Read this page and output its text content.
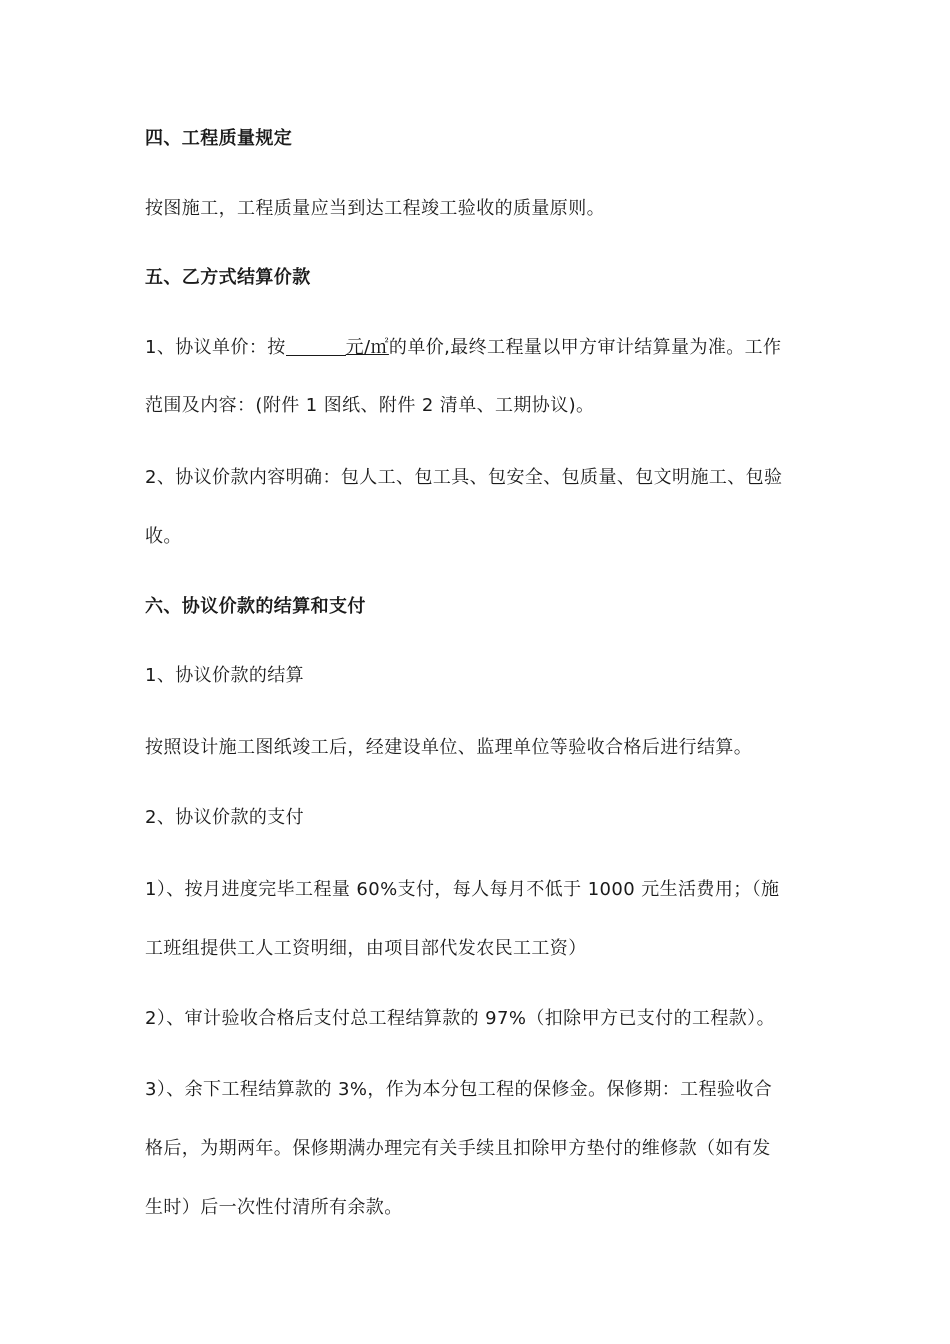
四、工程质量规定
按图施工，工程质量应当到达工程竣工验收的质量原则。
五、乙方式结算价款
1、协议单价：按	元/㎡的单价,最终工程量以甲方审计结算量为准。工作
范围及内容：(附件 1 图纸、附件 2 清单、工期协议)。
2、协议价款内容明确：包人工、包工具、包安全、包质量、包文明施工、包验
收。
六、协议价款的结算和支付
1、协议价款的结算
按照设计施工图纸竣工后，经建设单位、监理单位等验收合格后进行结算。
2、协议价款的支付
1）、按月进度完毕工程量 60%支付，每人每月不低于 1000 元生活费用；（施
工班组提供工人工资明细，由项目部代发农民工工资）
2）、审计验收合格后支付总工程结算款的 97%（扣除甲方已支付的工程款）。
3）、余下工程结算款的 3%，作为本分包工程的保修金。保修期：工程验收合
格后，为期两年。保修期满办理完有关手续且扣除甲方垫付的维修款（如有发
生时）后一次性付清所有余款。
